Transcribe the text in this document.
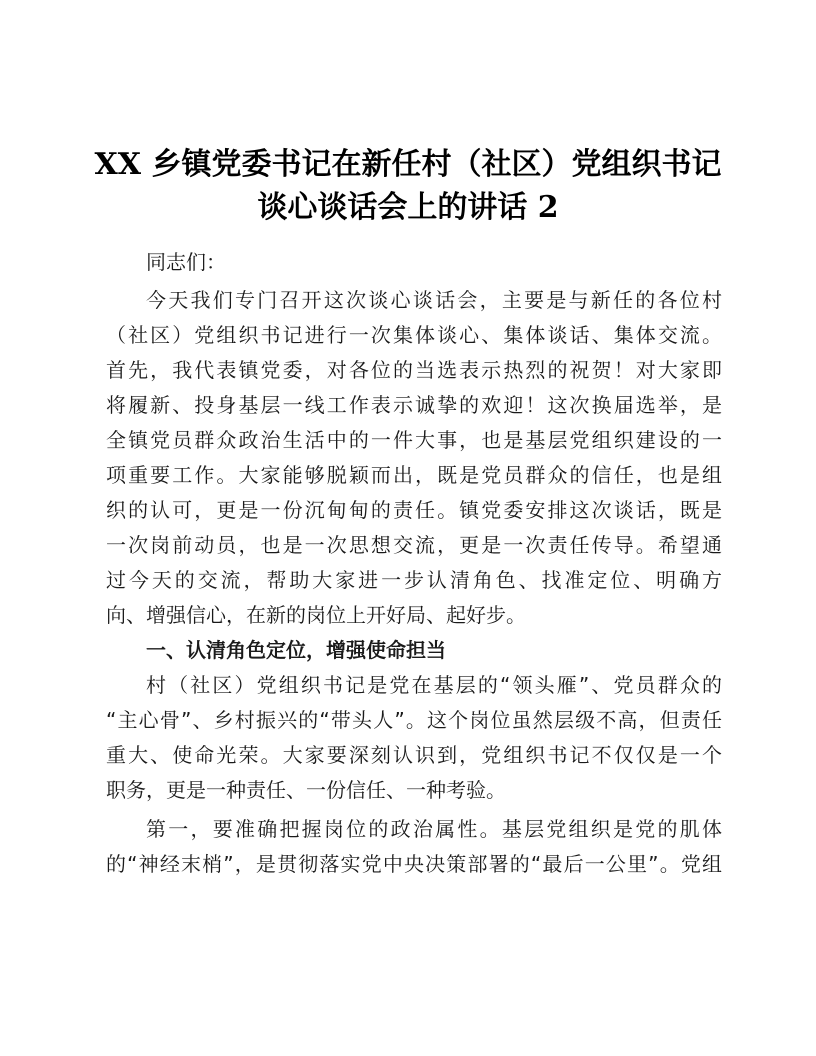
XX 乡镇党委书记在新任村（社区）党组织书记
谈心谈话会上的讲话 2
同志们：
今天我们专门召开这次谈心谈话会，主要是与新任的各位村
（社区）党组织书记进行一次集体谈心、集体谈话、集体交流。
首先，我代表镇党委，对各位的当选表示热烈的祝贺！对大家即
将履新、投身基层一线工作表示诚挚的欢迎！这次换届选举，是
全镇党员群众政治生活中的一件大事，也是基层党组织建设的一
项重要工作。大家能够脱颖而出，既是党员群众的信任，也是组
织的认可，更是一份沉甸甸的责任。镇党委安排这次谈话，既是
一次岗前动员，也是一次思想交流，更是一次责任传导。希望通
过今天的交流，帮助大家进一步认清角色、找准定位、明确方
向、增强信心，在新的岗位上开好局、起好步。
一、认清角色定位，增强使命担当
村（社区）党组织书记是党在基层的“领头雁”、党员群众的
“主心骨”、乡村振兴的“带头人”。这个岗位虽然层级不高，但责任
重大、使命光荣。大家要深刻认识到，党组织书记不仅仅是一个
职务，更是一种责任、一份信任、一种考验。
第一，要准确把握岗位的政治属性。基层党组织是党的肌体
的“神经末梢”，是贯彻落实党中央决策部署的“最后一公里”。党组
